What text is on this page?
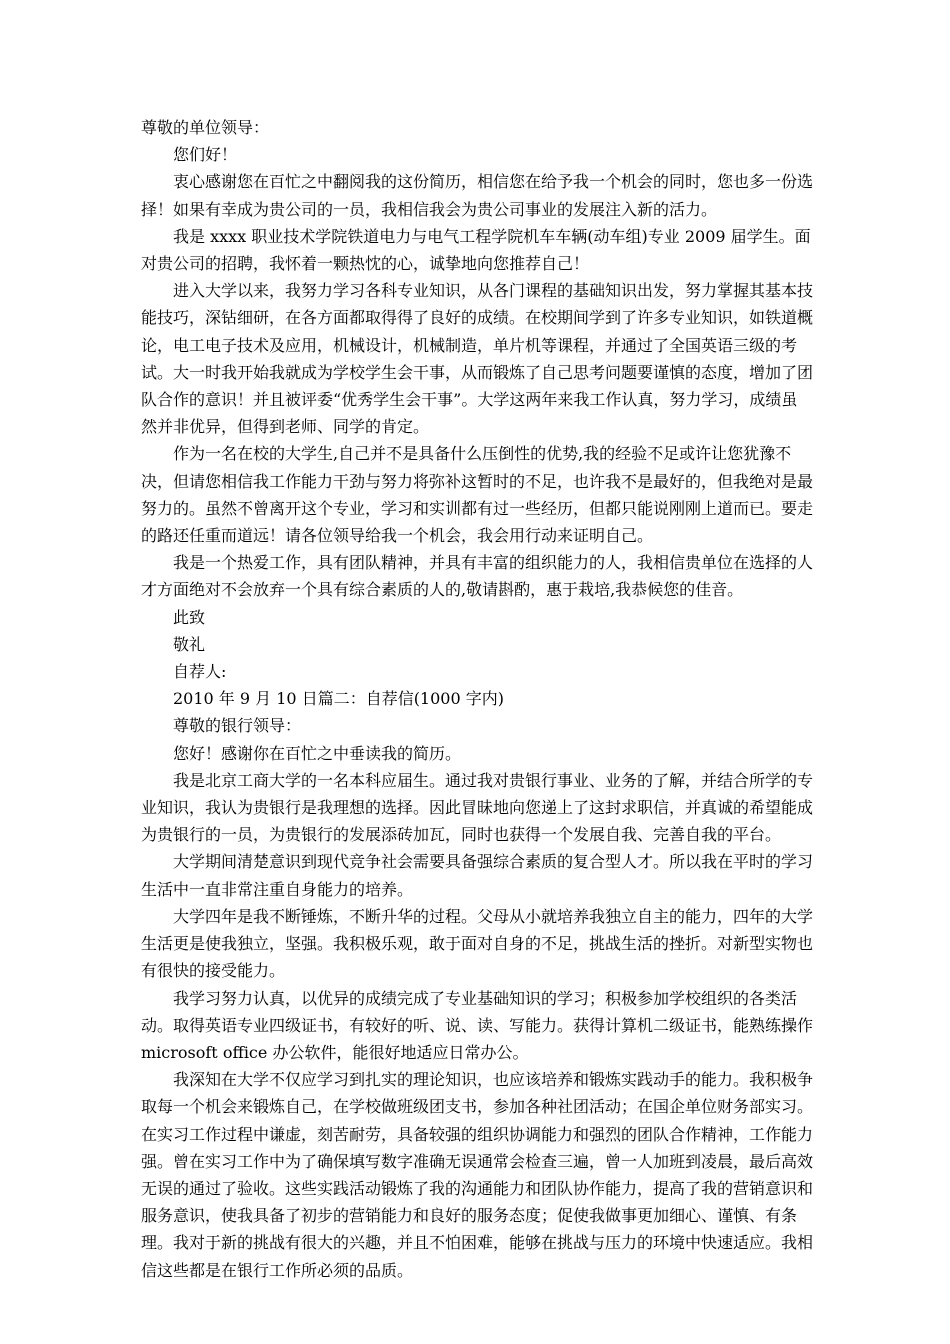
尊敬的单位领导：

您们好！

衷心感谢您在百忙之中翻阅我的这份简历，相信您在给予我一个机会的同时，您也多一份选择！如果有幸成为贵公司的一员，我相信我会为贵公司事业的发展注入新的活力。

我是 xxxx 职业技术学院铁道电力与电气工程学院机车车辆(动车组)专业 2009 届学生。面对贵公司的招聘，我怀着一颗热忱的心，诚挚地向您推荐自己！

进入大学以来，我努力学习各科专业知识，从各门课程的基础知识出发，努力掌握其基本技能技巧，深钻细研，在各方面都取得得了良好的成绩。在校期间学到了许多专业知识，如铁道概论，电工电子技术及应用，机械设计，机械制造，单片机等课程，并通过了全国英语三级的考试。大一时我开始我就成为学校学生会干事，从而锻炼了自己思考问题要谨慎的态度，增加了团队合作的意识！并且被评委“优秀学生会干事”。大学这两年来我工作认真，努力学习，成绩虽然并非优异，但得到老师、同学的肯定。

作为一名在校的大学生,自己并不是具备什么压倒性的优势,我的经验不足或许让您犹豫不决，但请您相信我工作能力干劲与努力将弥补这暂时的不足，也许我不是最好的，但我绝对是最努力的。虽然不曾离开这个专业，学习和实训都有过一些经历，但都只能说刚刚上道而已。要走的路还任重而道远！请各位领导给我一个机会，我会用行动来证明自己。

我是一个热爱工作，具有团队精神，并具有丰富的组织能力的人，我相信贵单位在选择的人才方面绝对不会放弃一个具有综合素质的人的,敬请斟酌，惠于栽培,我恭候您的佳音。

此致

敬礼

自荐人:

2010 年 9 月 10 日篇二：自荐信(1000 字内)

尊敬的银行领导：

您好！感谢你在百忙之中垂读我的简历。

我是北京工商大学的一名本科应届生。通过我对贵银行事业、业务的了解，并结合所学的专业知识，我认为贵银行是我理想的选择。因此冒昧地向您递上了这封求职信，并真诚的希望能成为贵银行的一员，为贵银行的发展添砖加瓦，同时也获得一个发展自我、完善自我的平台。

大学期间清楚意识到现代竞争社会需要具备强综合素质的复合型人才。所以我在平时的学习生活中一直非常注重自身能力的培养。

大学四年是我不断锤炼，不断升华的过程。父母从小就培养我独立自主的能力，四年的大学生活更是使我独立，坚强。我积极乐观，敢于面对自身的不足，挑战生活的挫折。对新型实物也有很快的接受能力。

我学习努力认真，以优异的成绩完成了专业基础知识的学习；积极参加学校组织的各类活动。取得英语专业四级证书，有较好的听、说、读、写能力。获得计算机二级证书，能熟练操作 microsoft office 办公软件，能很好地适应日常办公。

我深知在大学不仅应学习到扎实的理论知识，也应该培养和锻炼实践动手的能力。我积极争取每一个机会来锻炼自己，在学校做班级团支书，参加各种社团活动；在国企单位财务部实习。在实习工作过程中谦虚，刻苦耐劳，具备较强的组织协调能力和强烈的团队合作精神，工作能力强。曾在实习工作中为了确保填写数字准确无误通常会检查三遍，曾一人加班到凌晨，最后高效无误的通过了验收。这些实践活动锻炼了我的沟通能力和团队协作能力，提高了我的营销意识和服务意识，使我具备了初步的营销能力和良好的服务态度；促使我做事更加细心、谨慎、有条理。我对于新的挑战有很大的兴趣，并且不怕困难，能够在挑战与压力的环境中快速适应。我相信这些都是在银行工作所必须的品质。
